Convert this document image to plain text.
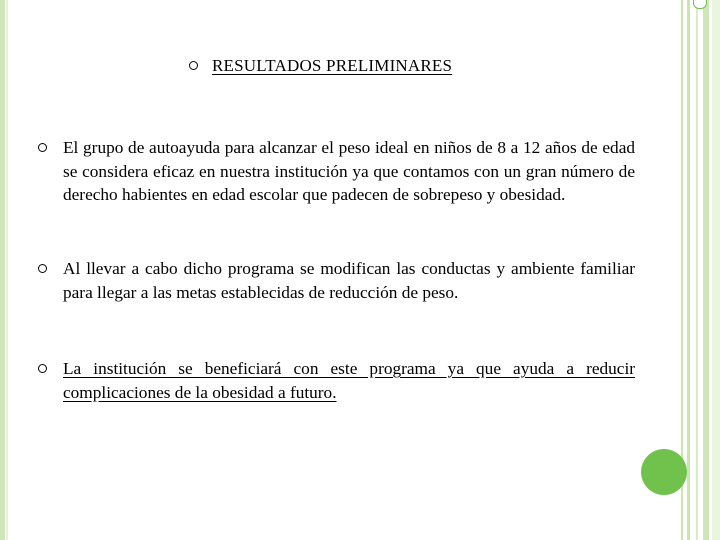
RESULTADOS PRELIMINARES
El grupo de autoayuda para alcanzar el peso ideal en niños de 8 a 12 años de edad se considera eficaz en nuestra institución ya que contamos con un gran número de derecho habientes en edad escolar que padecen de sobrepeso y obesidad.
Al llevar a cabo dicho programa se modifican las conductas y ambiente familiar para llegar a las metas establecidas de reducción de peso.
La institución se beneficiará con este programa ya que ayuda a reducir complicaciones de la obesidad a futuro.
